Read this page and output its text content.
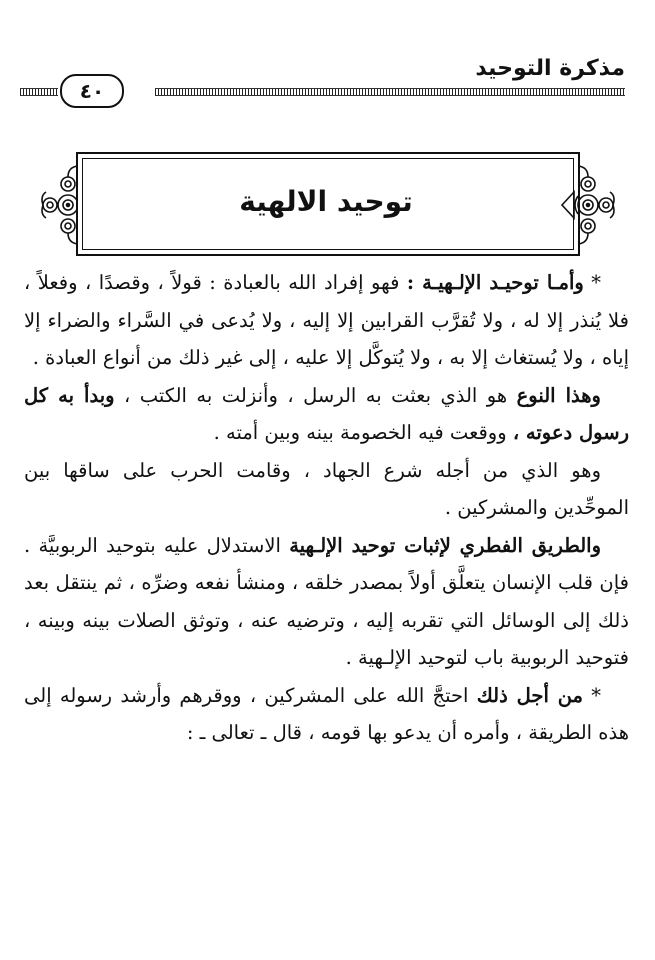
مذكرة التوحيد
٤٠
توحيد الالهية

* وأمـا توحيـد الإلـهيـة : فهو إفراد الله بالعبادة : قولاً ، وقصدًا ، وفعلاً ، فلا يُنذر إلا له ، ولا تُقرَّب القرابين إلا إليه ، ولا يُدعى في السَّراء والضراء إلا إياه ، ولا يُستغاث إلا به ، ولا يُتوكَّل إلا عليه ، إلى غير ذلك من أنواع العبادة .

وهذا النوع هو الذي بعثت به الرسل ، وأنزلت به الكتب ، وبدأ به كل رسول دعوته ، ووقعت فيه الخصومة بينه وبين أمته .

وهو الذي من أجله شرع الجهاد ، وقامت الحرب على ساقها بين الموحِّدين والمشركين .

والطريق الفطري لإثبات توحيد الإلـهية الاستدلال عليه بتوحيد الربوبيَّة . فإن قلب الإنسان يتعلَّق أولاً بمصدر خلقه ، ومنشأ نفعه وضرِّه ، ثم ينتقل بعد ذلك إلى الوسائل التي تقربه إليه ، وترضيه عنه ، وتوثق الصلات بينه وبينه ، فتوحيد الربوبية باب لتوحيد الإلـهية .

* من أجل ذلك احتجَّ الله على المشركين ، ووقرهم وأرشد رسوله إلى هذه الطريقة ، وأمره أن يدعو بها قومه ، قال ـ تعالى ـ :
